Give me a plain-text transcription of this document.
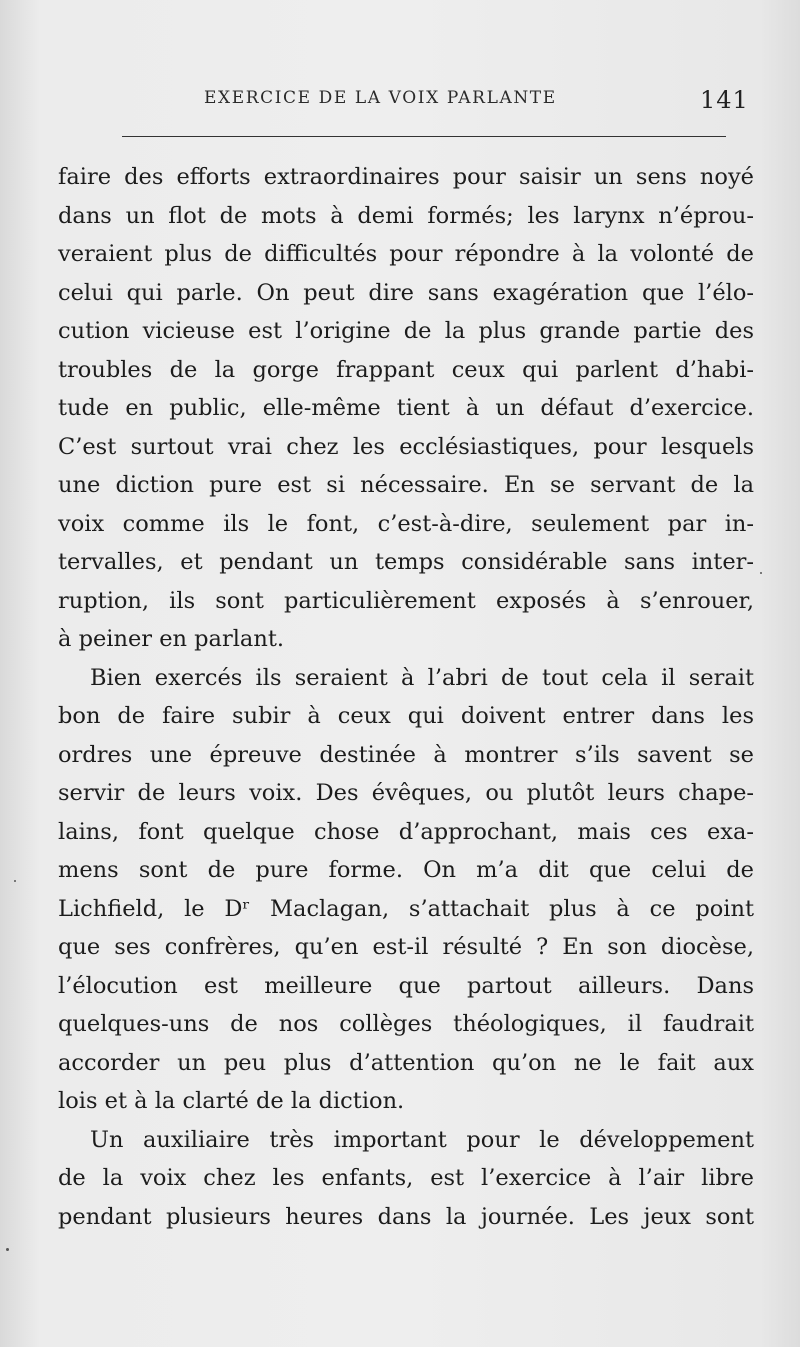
EXERCICE DE LA VOIX PARLANTE	141
faire des efforts extraordinaires pour saisir un sens noyé
dans un flot de mots à demi formés; les larynx n’éprou-
veraient plus de difficultés pour répondre à la volonté de
celui qui parle. On peut dire sans exagération que l’élo-
cution vicieuse est l’origine de la plus grande partie des
troubles de la gorge frappant ceux qui parlent d’habi-
tude en public, elle-même tient à un défaut d’exercice.
C’est surtout vrai chez les ecclésiastiques, pour lesquels
une diction pure est si nécessaire. En se servant de la
voix comme ils le font, c’est-à-dire, seulement par in-
tervalles, et pendant un temps considérable sans inter-
ruption, ils sont particulièrement exposés à s’enrouer,
à peiner en parlant.
Bien exercés ils seraient à l’abri de tout cela il serait
bon de faire subir à ceux qui doivent entrer dans les
ordres une épreuve destinée à montrer s’ils savent se
servir de leurs voix. Des évêques, ou plutôt leurs chape-
lains, font quelque chose d’approchant, mais ces exa-
mens sont de pure forme. On m’a dit que celui de
Lichfield, le Dʳ Maclagan, s’attachait plus à ce point
que ses confrères, qu’en est-il résulté ? En son diocèse,
l’élocution est meilleure que partout ailleurs. Dans
quelques-uns de nos collèges théologiques, il faudrait
accorder un peu plus d’attention qu’on ne le fait aux
lois et à la clarté de la diction.
Un auxiliaire très important pour le développement
de la voix chez les enfants, est l’exercice à l’air libre
pendant plusieurs heures dans la journée. Les jeux sont
